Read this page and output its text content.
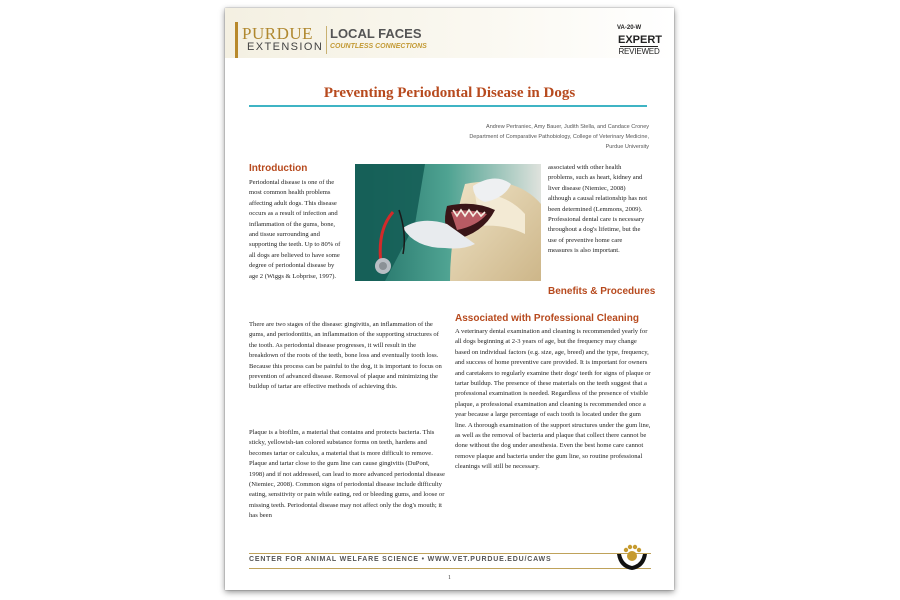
PURDUE
EXTENSION
LOCAL FACES
COUNTLESS CONNECTIONS
VA-20-W
EXPERT
REVIEWED
Preventing Periodontal Disease in Dogs
Andrew Pertraniec, Amy Bauer, Judith Stella, and Candace Croney
Department of Comparative Pathobiology, College of Veterinary Medicine,
Purdue University
Introduction
Periodontal disease is one of the most common health problems affecting adult dogs. This disease occurs as a result of infection and inflammation of the gums, bone, and tissue surrounding and supporting the teeth. Up to 80% of all dogs are believed to have some degree of periodontal disease by age 2 (Wiggs & Lobprise, 1997).
There are two stages of the disease: gingivitis, an inflammation of the gums, and periodontitis, an inflammation of the supporting structures of the tooth. As periodontal disease progresses, it will result in the breakdown of the roots of the teeth, bone loss and eventually tooth loss. Because this process can be painful to the dog, it is important to focus on prevention of advanced disease. Removal of plaque and minimizing the buildup of tartar are effective methods of achieving this.
Plaque is a biofilm, a material that contains and protects bacteria. This sticky, yellowish-tan colored substance forms on teeth, hardens and becomes tartar or calculus, a material that is more difficult to remove. Plaque and tartar close to the gum line can cause gingivitis (DuPont, 1998) and if not addressed, can lead to more advanced periodontal disease (Niemiec, 2008). Common signs of periodontal disease include difficulty eating, sensitivity or pain while eating, red or bleeding gums, and loose or missing teeth. Periodontal disease may not affect only the dog's mouth; it has been
associated with other health problems, such as heart, kidney and liver disease (Niemiec, 2008) although a causal relationship has not been determined (Lemmons, 2009). Professional dental care is necessary throughout a dog's lifetime, but the use of preventive home care measures is also important.
Benefits & Procedures
Associated with Professional Cleaning
A veterinary dental examination and cleaning is recommended yearly for all dogs beginning at 2-3 years of age, but the frequency may change based on individual factors (e.g. size, age, breed) and the type, frequency, and success of home preventive care provided. It is important for owners and caretakers to regularly examine their dogs' teeth for signs of plaque or tartar buildup. The presence of these materials on the teeth suggest that a professional examination is needed. Regardless of the presence of visible plaque, a professional examination and cleaning is recommended once a year because a large percentage of each tooth is located under the gum line. A thorough examination of the support structures under the gum line, as well as the removal of bacteria and plaque that collect there cannot be done without the dog under anesthesia. Even the best home care cannot remove plaque and bacteria under the gum line, so routine professional cleanings will still be necessary.
CENTER FOR ANIMAL WELFARE SCIENCE • WWW.VET.PURDUE.EDU/CAWS
1
